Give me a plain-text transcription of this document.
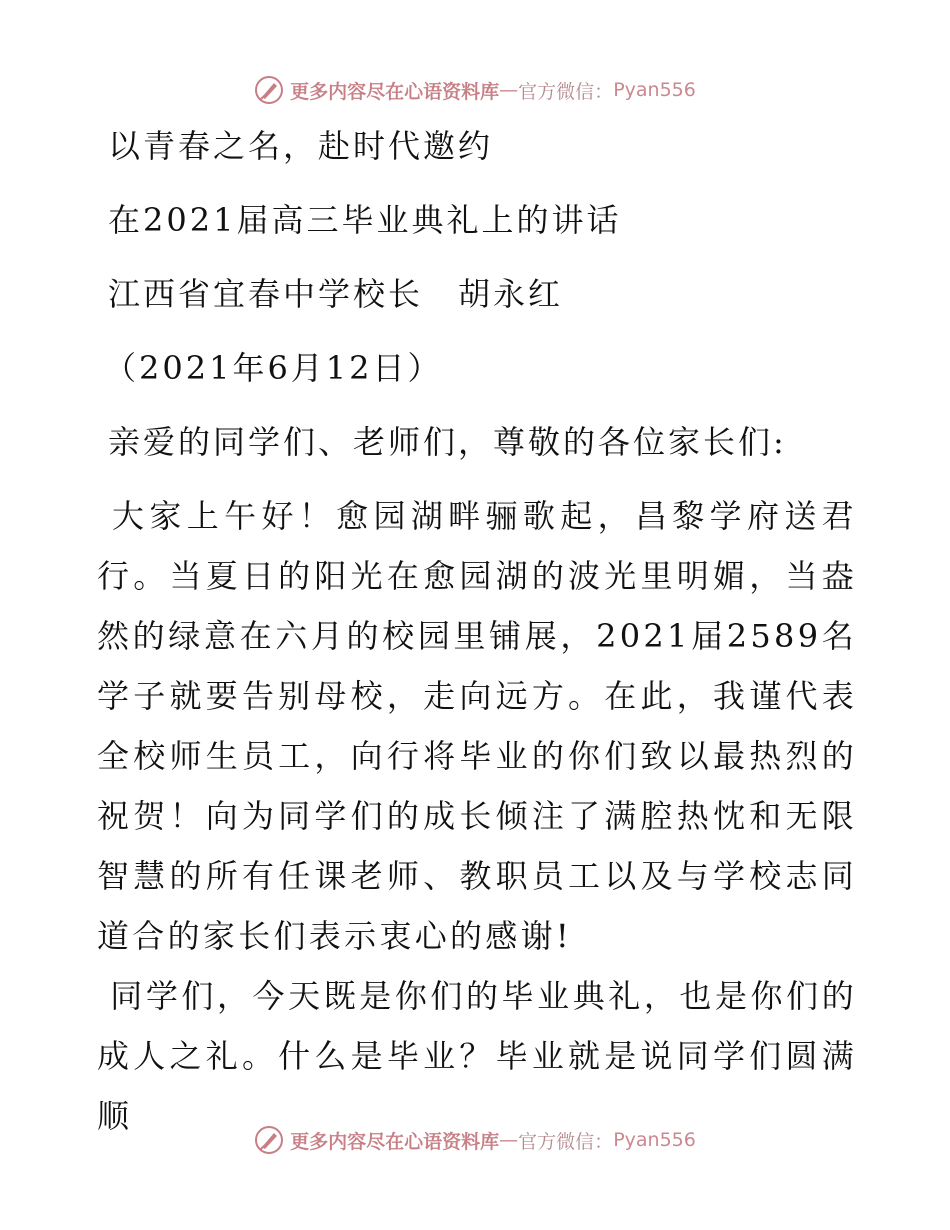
更多内容尽在心语资料库 — 官方微信： Pyan556
以青春之名，赴时代邀约
在2021届高三毕业典礼上的讲话
江西省宜春中学校长　胡永红
（2021年6月12日）
亲爱的同学们、老师们，尊敬的各位家长们:

大家上午好！愈园湖畔骊歌起，昌黎学府送君行。当夏日的阳光在愈园湖的波光里明媚，当盎然的绿意在六月的校园里铺展，2021届2589名学子就要告别母校，走向远方。在此，我谨代表全校师生员工，向行将毕业的你们致以最热烈的祝贺！向为同学们的成长倾注了满腔热忱和无限智慧的所有任课老师、教职员工以及与学校志同道合的家长们表示衷心的感谢!

同学们，今天既是你们的毕业典礼，也是你们的成人之礼。什么是毕业？毕业就是说同学们圆满顺

更多内容尽在心语资料库 — 官方微信： Pyan556
